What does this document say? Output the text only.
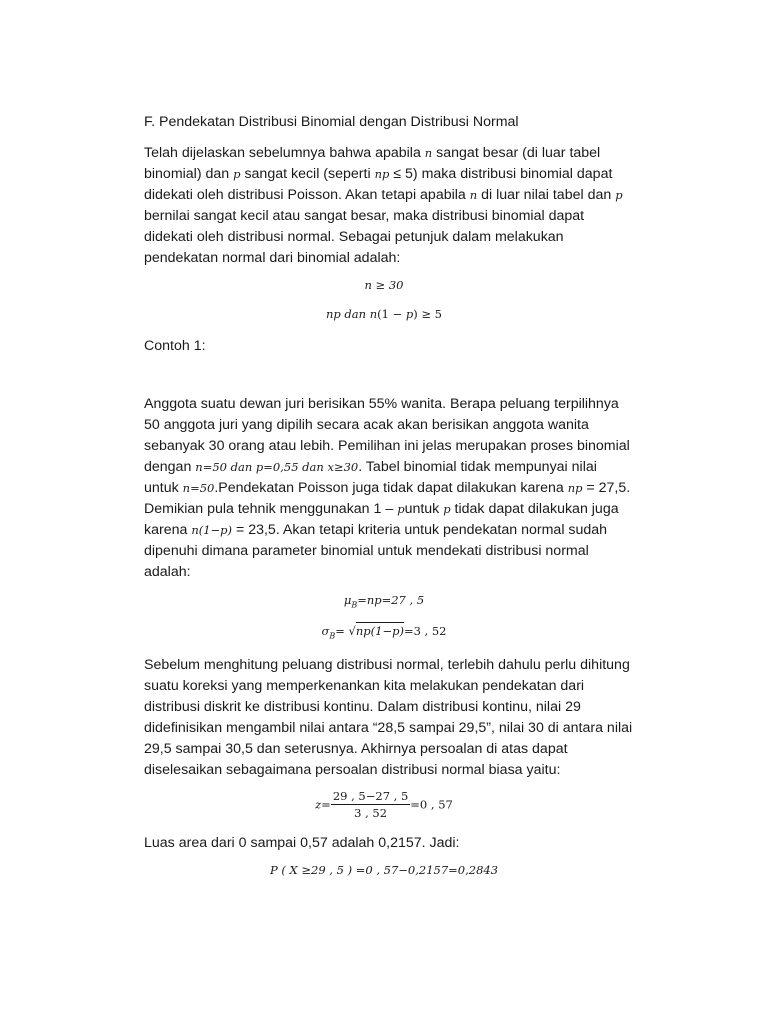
F. Pendekatan Distribusi Binomial dengan Distribusi Normal
Telah dijelaskan sebelumnya bahwa apabila n sangat besar (di luar tabel
binomial) dan p sangat kecil (seperti np ≤ 5) maka distribusi binomial dapat
didekati oleh distribusi Poisson. Akan tetapi apabila n di luar nilai tabel dan p
bernilai sangat kecil atau sangat besar, maka distribusi binomial dapat
didekati oleh distribusi normal. Sebagai petunjuk dalam melakukan
pendekatan normal dari binomial adalah:
n ≥ 30
np dan n(1 − p) ≥ 5
Contoh 1:
Anggota suatu dewan juri berisikan 55% wanita. Berapa peluang terpilihnya
50 anggota juri yang dipilih secara acak akan berisikan anggota wanita
sebanyak 30 orang atau lebih. Pemilihan ini jelas merupakan proses binomial
dengan n=50 dan p=0,55 dan x≥30. Tabel binomial tidak mempunyai nilai
untuk n=50.Pendekatan Poisson juga tidak dapat dilakukan karena np = 27,5.
Demikian pula tehnik menggunakan 1 – puntuk p tidak dapat dilakukan juga
karena n(1−p) = 23,5. Akan tetapi kriteria untuk pendekatan normal sudah
dipenuhi dimana parameter binomial untuk mendekati distribusi normal
adalah:
$\mu_B=np=27$ , 5
$\sigma_B= √np(1-p)=3$ , 52
Sebelum menghitung peluang distribusi normal, terlebih dahulu perlu dihitung
suatu koreksi yang memperkenankan kita melakukan pendekatan dari
distribusi diskrit ke distribusi kontinu. Dalam distribusi kontinu, nilai 29
didefinisikan mengambil nilai antara “28,5 sampai 29,5”, nilai 30 di antara nilai
29,5 sampai 30,5 dan seterusnya. Akhirnya persoalan di atas dapat
diselesaikan sebagaimana persoalan distribusi normal biasa yaitu:
$z= \frac{29 , 5-27 , 5}{3 , 52} =0$ , 57
Luas area dari 0 sampai 0,57 adalah 0,2157. Jadi:
P ( X ≥29 , 5 ) =0 , 57−0,2157=0,2843
